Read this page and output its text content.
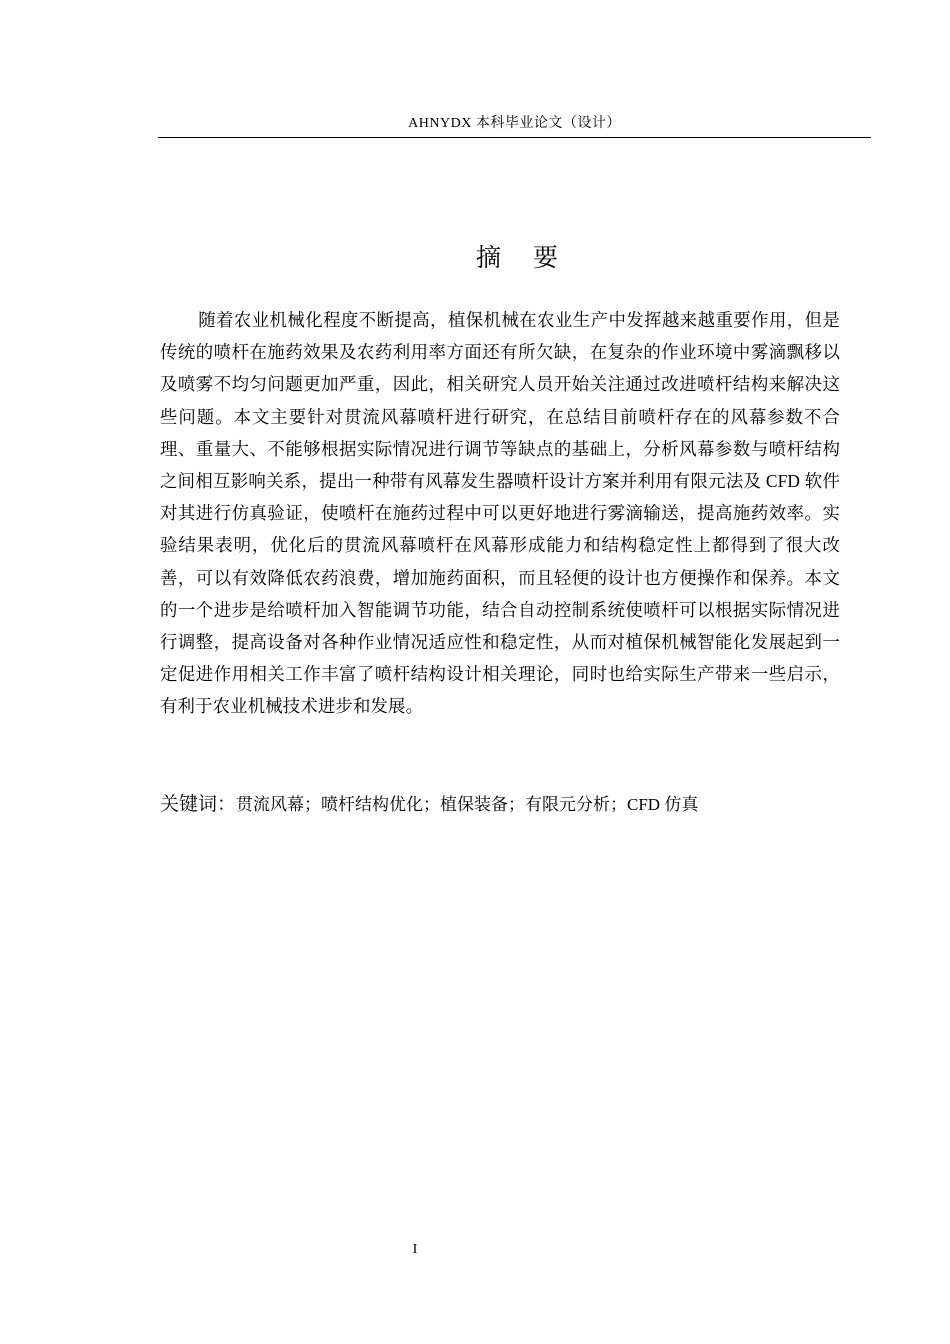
AHNYDX 本科毕业论文（设计）
摘 要

随着农业机械化程度不断提高，植保机械在农业生产中发挥越来越重要作用，但是传统的喷杆在施药效果及农药利用率方面还有所欠缺，在复杂的作业环境中雾滴飘移以及喷雾不均匀问题更加严重，因此，相关研究人员开始关注通过改进喷杆结构来解决这些问题。本文主要针对贯流风幕喷杆进行研究，在总结目前喷杆存在的风幕参数不合理、重量大、不能够根据实际情况进行调节等缺点的基础上，分析风幕参数与喷杆结构之间相互影响关系，提出一种带有风幕发生器喷杆设计方案并利用有限元法及 CFD 软件对其进行仿真验证，使喷杆在施药过程中可以更好地进行雾滴输送，提高施药效率。实验结果表明，优化后的贯流风幕喷杆在风幕形成能力和结构稳定性上都得到了很大改善，可以有效降低农药浪费，增加施药面积，而且轻便的设计也方便操作和保养。本文的一个进步是给喷杆加入智能调节功能，结合自动控制系统使喷杆可以根据实际情况进行调整，提高设备对各种作业情况适应性和稳定性，从而对植保机械智能化发展起到一定促进作用相关工作丰富了喷杆结构设计相关理论，同时也给实际生产带来一些启示，有利于农业机械技术进步和发展。

关键词：贯流风幕；喷杆结构优化；植保装备；有限元分析；CFD 仿真
I
